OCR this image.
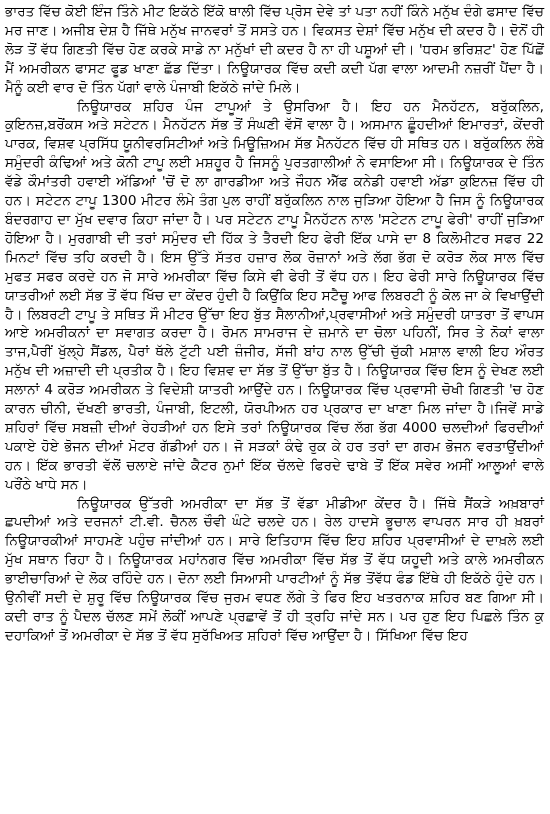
ਭਾਰਤ ਵਿੱਚ ਕੋਈ ਇੰਜ ਤਿੰਨੇ ਮੀਟ ਇਕੱਠੇ ਇੱਕੋ ਥਾਲੀ ਵਿੱਚ ਪ੍ਰੋਸ ਦੇਵੇ ਤਾਂ ਪਤਾ ਨਹੀਂ ਕਿੰਨੇ ਮਨੁੱਖ ਦੰਗੇ ਫਸਾਦ ਵਿੱਚ ਮਰ ਜਾਣ। ਅਜੀਬ ਦੇਸ਼ ਹੈ ਜਿੱਥੇ ਮਨੁੱਖ ਜਾਨਵਰਾਂ ਤੋਂ ਸਸਤੇ ਹਨ। ਵਿਕਸਤ ਦੇਸ਼ਾਂ ਵਿੱਚ ਮਨੁੱਖ ਦੀ ਕਦਰ ਹੈ। ਦੋਨੋਂ ਹੀ ਲੋੜ ਤੋਂ ਵੱਧ ਗਿਣਤੀ ਵਿੱਚ ਹੋਣ ਕਰਕੇ ਸਾਡੇ ਨਾ ਮਨੁੱਖਾਂ ਦੀ ਕਦਰ ਹੈ ਨਾ ਹੀ ਪਸ਼ੂਆਂ ਦੀ। 'ਧਰਮ ਭਰਿਸ਼ਟ' ਹੋਣ ਪਿੱਛੋਂ ਮੈਂ ਅਮਰੀਕਨ ਫਾਸਟ ਫੂਡ ਖਾਣਾ ਛੱਡ ਦਿੱਤਾ। ਨਿਊਯਾਰਕ ਵਿੱਚ ਕਦੀ ਕਦੀ ਪੱਗ ਵਾਲਾ ਆਦਮੀ ਨਜ਼ਰੀਂ ਪੈਂਦਾ ਹੈ। ਮੈਨੂੰ ਕਈ ਵਾਰ ਦੋ ਤਿੰਨ ਪੱਗਾਂ ਵਾਲੇ ਪੰਜਾਬੀ ਇਕੱਠੇ ਜਾਂਦੇ ਮਿਲੇ।

ਨਿਊਯਾਰਕ ਸ਼ਹਿਰ ਪੰਜ ਟਾਪੂਆਂ ਤੇ ਉਸਰਿਆ ਹੈ। ਇਹ ਹਨ ਮੈਨਹੱਟਨ, ਬਰੁੱਕਲਿਨ, ਕੁਇਨਜ਼,ਬਰੋਂਕਸ ਅਤੇ ਸਟੇਟਨ। ਮੈਨਹੱਟਨ ਸੱਭ ਤੋਂ ਸੰਘਣੀ ਵੱਸੋਂ ਵਾਲਾ ਹੈ। ਅਸਮਾਨ ਛੂੰਹਦੀਆਂ ਇਮਾਰਤਾਂ, ਕੇਂਦਰੀ ਪਾਰਕ, ਵਿਸ਼ਵ ਪ੍ਰਸਿੱਧ ਯੂਨੀਵਰਸਿਟੀਆਂ ਅਤੇ ਮਿਊਜ਼ਿਅਮ ਸੱਭ ਮੈਨਹੱਟਨ ਵਿੱਚ ਹੀ ਸਥਿਤ ਹਨ। ਬਰੁੱਕਲਿਨ ਲੰਬੇ ਸਮੁੰਦਰੀ ਕੰਢਿਆਂ ਅਤੇ ਕੋਨੀ ਟਾਪੂ ਲਈ ਮਸ਼ਹੂਰ ਹੈ ਜਿਸਨੂੰ ਪੁਰਤਗਾਲੀਆਂ ਨੇ ਵਸਾਇਆ ਸੀ। ਨਿਊਯਾਰਕ ਦੇ ਤਿੰਨ ਵੱਡੇ ਕੌਮਾਂਤਰੀ ਹਵਾਈ ਅੱਡਿਆਂ 'ਚੋਂ ਦੋ ਲਾ ਗਾਰਡੀਆ ਅਤੇ ਜੌਹਨ ਐੱਫ ਕਨੇਡੀ ਹਵਾਈ ਅੱਡਾ ਕੁਇਨਜ਼ ਵਿੱਚ ਹੀ ਹਨ। ਸਟੇਟਨ ਟਾਪੂ 1300 ਮੀਟਰ ਲੰਮੇ ਤੰਗ ਪੁਲ ਰਾਹੀਂ ਬਰੁੱਕਲਿਨ ਨਾਲ ਜੁੜਿਆ ਹੋਇਆ ਹੈ ਜਿਸ ਨੂੰ ਨਿਊਯਾਰਕ ਬੰਦਰਗਾਹ ਦਾ ਮੁੱਖ ਦਵਾਰ ਕਿਹਾ ਜਾਂਦਾ ਹੈ। ਪਰ ਸਟੇਟਨ ਟਾਪੂ ਮੈਨਹੱਟਨ ਨਾਲ 'ਸਟੇਟਨ ਟਾਪੂ ਫੇਰੀ' ਰਾਹੀਂ ਜੁੜਿਆ ਹੋਇਆ ਹੈ। ਮੁਰਗਾਬੀ ਦੀ ਤਰਾਂ ਸਮੁੰਦਰ ਦੀ ਹਿੱਕ ਤੇ ਤੈਰਦੀ ਇਹ ਫੇਰੀ ਇੱਕ ਪਾਸੇ ਦਾ 8 ਕਿਲੋਮੀਟਰ ਸਫਰ 22 ਮਿਨਟਾਂ ਵਿੱਚ ਤਹਿ ਕਰਦੀ ਹੈ। ਇਸ ਉੱਤੇ ਸੱਤਰ ਹਜ਼ਾਰ ਲੋਕ ਰੋਜ਼ਾਨਾਂ ਅਤੇ ਲੱਗ ਭੱਗ ਦੋ ਕਰੋੜ ਲੋਕ ਸਾਲ ਵਿੱਚ ਮੁਫਤ ਸਫਰ ਕਰਦੇ ਹਨ ਜੋ ਸਾਰੇ ਅਮਰੀਕਾ ਵਿੱਚ ਕਿਸੇ ਵੀ ਫੇਰੀ ਤੋਂ ਵੱਧ ਹਨ। ਇਹ ਫੇਰੀ ਸਾਰੇ ਨਿਊਯਾਰਕ ਵਿੱਚ ਯਾਤਰੀਆਂ ਲਈ ਸੱਭ ਤੋਂ ਵੱਧ ਖਿੱਚ ਦਾ ਕੇਂਦਰ ਹੁੰਦੀ ਹੈ ਕਿਉਂਕਿ ਇਹ ਸਟੈਚੂ ਆਫ ਲਿਬਰਟੀ ਨੂੰ ਕੋਲ ਜਾ ਕੇ ਵਿਖਾਉਂਦੀ ਹੈ। ਲਿਬਰਟੀ ਟਾਪੂ ਤੇ ਸਥਿਤ ਸੌ ਮੀਟਰ ਉੱਚਾ ਇਹ ਬੁੱਤ ਸੈਲਾਨੀਆਂ,ਪ੍ਰਵਾਸੀਆਂ ਅਤੇ ਸਮੁੰਦਰੀ ਯਾਤਰਾ ਤੋਂ ਵਾਪਸ ਆਏ ਅਮਰੀਕਨਾਂ ਦਾ ਸਵਾਗਤ ਕਰਦਾ ਹੈ। ਰੋਮਨ ਸਾਮਰਾਜ ਦੇ ਜ਼ਮਾਨੇ ਦਾ ਚੋਲਾ ਪਹਿਨੀਂ, ਸਿਰ ਤੇ ਨੋਕਾਂ ਵਾਲਾ ਤਾਜ,ਪੈਰੀਂ ਖੁੱਲ੍ਹੇ ਸੈਂਡਲ, ਪੈਰਾਂ ਥੱਲੇ ਟੁੱਟੀ ਪਈ ਜ਼ੰਜੀਰ, ਸੱਜੀ ਬਾਂਹ ਨਾਲ ਉੱਚੀ ਚੁੱਕੀ ਮਸ਼ਾਲ ਵਾਲੀ ਇਹ ਔਰਤ ਮਨੁੱਖ ਦੀ ਅਜ਼ਾਦੀ ਦੀ ਪ੍ਰਤੀਕ ਹੈ। ਇਹ ਵਿਸ਼ਵ ਦਾ ਸੱਭ ਤੋਂ ਉੱਚਾ ਬੁੱਤ ਹੈ। ਨਿਊਯਾਰਕ ਵਿੱਚ ਇਸ ਨੂੰ ਦੇਖਣ ਲਈ ਸਲਾਨਾਂ 4 ਕਰੋੜ ਅਮਰੀਕਨ ਤੇ ਵਿਦੇਸ਼ੀ ਯਾਤਰੀ ਆਉਂਦੇ ਹਨ। ਨਿਊਯਾਰਕ ਵਿੱਚ ਪ੍ਰਵਾਸੀ ਚੋਖੀ ਗਿਣਤੀ 'ਚ ਹੋਣ ਕਾਰਨ ਚੀਨੀ, ਦੱਖਣੀ ਭਾਰਤੀ, ਪੰਜਾਬੀ, ਇਟਲੀ, ਯੋਰਪੀਅਨ ਹਰ ਪ੍ਰਕਾਰ ਦਾ ਖਾਣਾ ਮਿਲ ਜਾਂਦਾ ਹੈ।ਜਿਵੇਂ ਸਾਡੇ ਸ਼ਹਿਰਾਂ ਵਿੱਚ ਸਬਜ਼ੀ ਦੀਆਂ ਰੇਹੜੀਆਂ ਹਨ ਇਸੇ ਤਰਾਂ ਨਿਊਯਾਰਕ ਵਿੱਚ ਲੱਗ ਭੱਗ 4000 ਚਲਦੀਆਂ ਫਿਰਦੀਆਂ ਪਕਾਏ ਹੋਏ ਭੋਜਨ ਦੀਆਂ ਮੋਟਰ ਗੱਡੀਆਂ ਹਨ। ਜੋ ਸੜਕਾਂ ਕੰਢੇ ਰੁਕ ਕੇ ਹਰ ਤਰਾਂ ਦਾ ਗਰਮ ਭੋਜਨ ਵਰਤਾਉਂਦੀਆਂ ਹਨ। ਇੱਕ ਭਾਰਤੀ ਵੱਲੋਂ ਚਲਾਏ ਜਾਂਦੇ ਕੈਟਰ ਨੁਮਾਂ ਇੱਕ ਚੱਲਦੇ ਫਿਰਦੇ ਢਾਬੇ ਤੋਂ ਇੱਕ ਸਵੇਰ ਅਸੀਂ ਆਲੂਆਂ ਵਾਲੇ ਪਰੌਂਠੇ ਖਾਧੇ ਸਨ।

ਨਿਊਯਾਰਕ ਉੱਤਰੀ ਅਮਰੀਕਾ ਦਾ ਸੱਭ ਤੋਂ ਵੱਡਾ ਮੀਡੀਆ ਕੇਂਦਰ ਹੈ। ਜਿੱਥੇ ਸੈਂਕੜੇ ਅਖ਼ਬਾਰਾਂ ਛਪਦੀਆਂ ਅਤੇ ਦਰਜਨਾਂ ਟੀ.ਵੀ. ਚੈਨਲ ਚੌਵੀ ਘੰਟੇ ਚਲਦੇ ਹਨ। ਰੇਲ ਹਾਦਸੇ ਭੂਚਾਲ ਵਾਪਰਨ ਸਾਰ ਹੀ ਖ਼ਬਰਾਂ ਨਿਊਯਾਰਕੀਆਂ ਸਾਹਮਣੇ ਪਹੁੰਚ ਜਾਂਦੀਆਂ ਹਨ। ਸਾਰੇ ਇਤਿਹਾਸ ਵਿੱਚ ਇਹ ਸ਼ਹਿਰ ਪ੍ਰਵਾਸੀਆਂ ਦੇ ਦਾਖ਼ਲੇ ਲਈ ਮੁੱਖ ਸਥਾਨ ਰਿਹਾ ਹੈ। ਨਿਊਯਾਰਕ ਮਹਾਂਨਗਰ ਵਿੱਚ ਅਮਰੀਕਾ ਵਿੱਚ ਸੱਭ ਤੋਂ ਵੱਧ ਯਹੂਦੀ ਅਤੇ ਕਾਲੇ ਅਮਰੀਕਨ ਭਾਈਚਾਰਿਆਂ ਦੇ ਲੋਕ ਰਹਿੰਦੇ ਹਨ। ਦੋਨਾ ਲਈ ਸਿਆਸੀ ਪਾਰਟੀਆਂ ਨੂੰ ਸੱਭ ਤੋਂਵੱਧ ਫੰਡ ਇੱਥੇ ਹੀ ਇਕੱਠੇ ਹੁੰਦੇ ਹਨ। ਉਨੀਵੀਂ ਸਦੀ ਦੇ ਸ਼ੁਰੂ ਵਿੱਚ ਨਿਊਯਾਰਕ ਵਿੱਚ ਜੁਰਮ ਵਧਣ ਲੱਗੇ ਤੇ ਫਿਰ ਇਹ ਖਤਰਨਾਕ ਸ਼ਹਿਰ ਬਣ ਗਿਆ ਸੀ। ਕਦੀ ਰਾਤ ਨੂੰ ਪੈਦਲ ਚੱਲਣ ਸਮੇਂ ਲੋਕੀਂ ਆਪਣੇ ਪ੍ਰਛਾਵੇਂ ਤੋਂ ਹੀ ਤ੍ਰਹਿ ਜਾਂਦੇ ਸਨ। ਪਰ ਹੁਣ ਇਹ ਪਿਛਲੇ ਤਿੰਨ ਕੁ ਦਹਾਕਿਆਂ ਤੋਂ ਅਮਰੀਕਾ ਦੇ ਸੱਭ ਤੋਂ ਵੱਧ ਸੁਰੱਖਿਅਤ ਸ਼ਹਿਰਾਂ ਵਿੱਚ ਆਉਂਦਾ ਹੈ। ਸਿੱਖਿਆ ਵਿੱਚ ਇਹ
